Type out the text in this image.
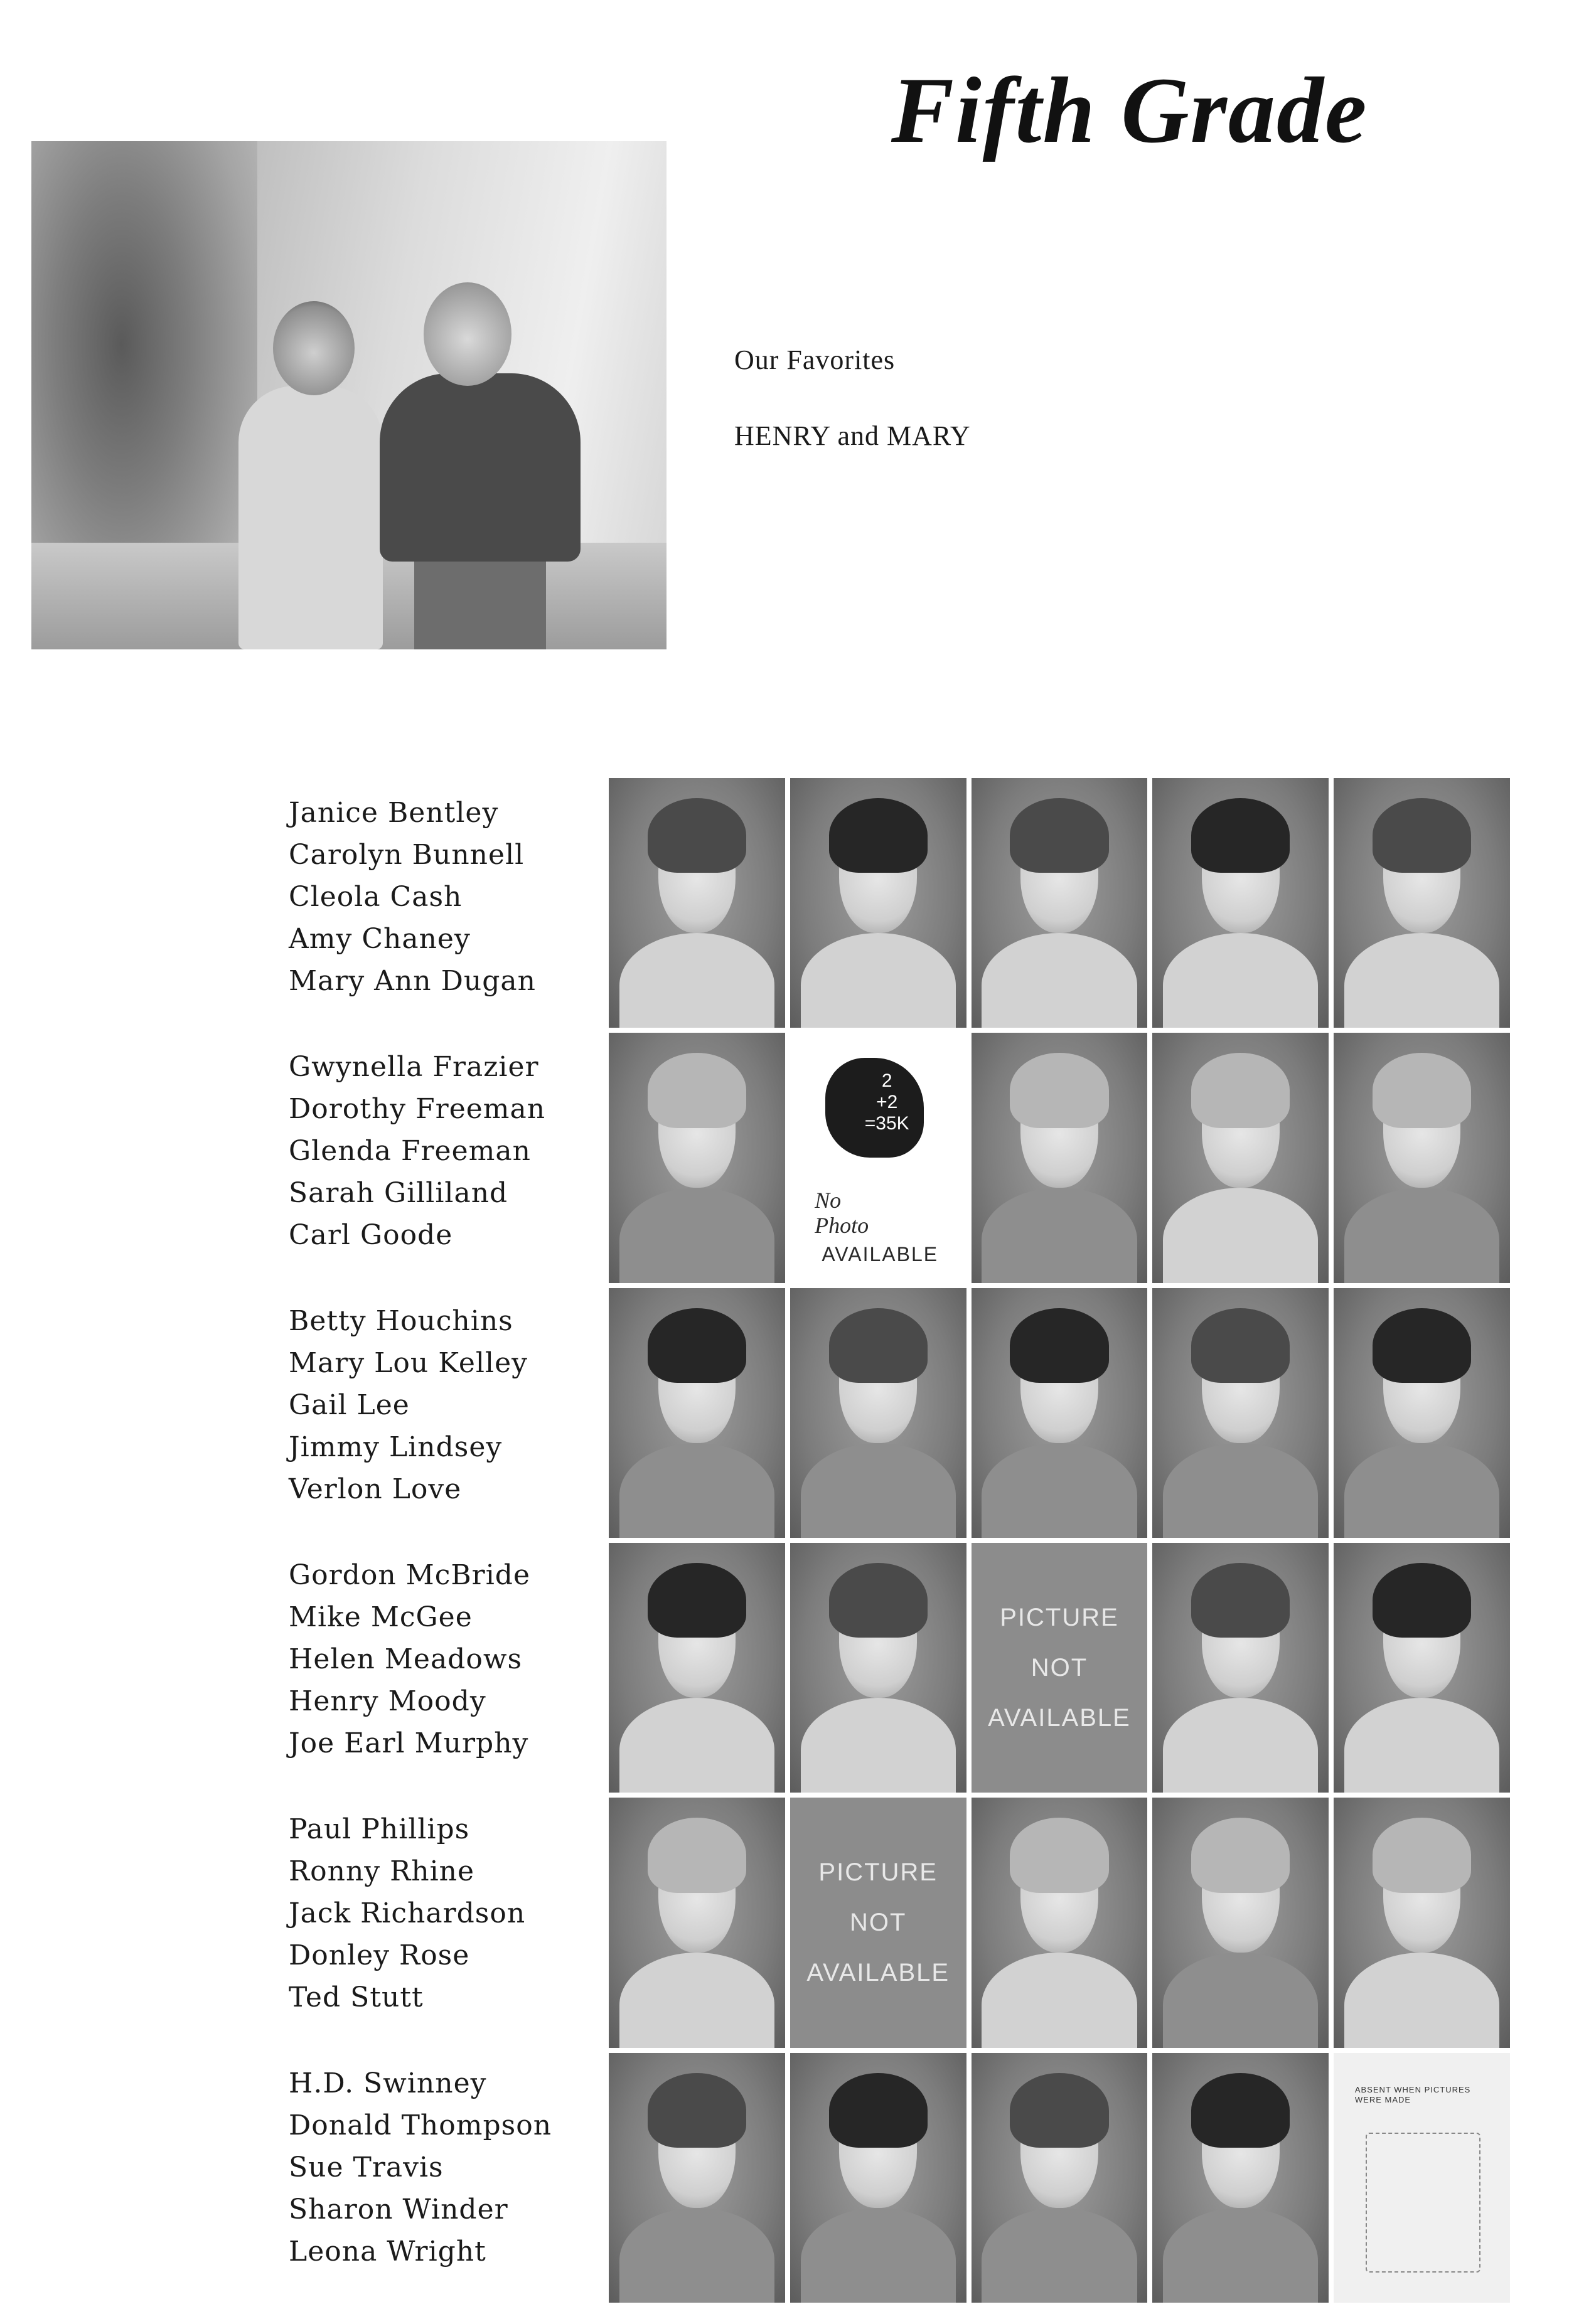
Fifth Grade
Our Favorites
HENRY and MARY
Janice Bentley
Carolyn Bunnell
Cleola Cash
Amy Chaney
Mary Ann Dugan
Gwynella Frazier
Dorothy Freeman
Glenda Freeman
Sarah Gilliland
Carl Goode
Betty Houchins
Mary Lou Kelley
Gail Lee
Jimmy Lindsey
Verlon Love
Gordon McBride
Mike McGee
Helen Meadows
Henry Moody
Joe Earl Murphy
Paul Phillips
Ronny Rhine
Jack Richardson
Donley Rose
Ted Stutt
H.D. Swinney
Donald Thompson
Sue Travis
Sharon Winder
Leona Wright
2
+2
=35K
No
Photo
AVAILABLE
PICTURE
NOT
AVAILABLE
PICTURE
NOT
AVAILABLE
ABSENT WHEN PICTURES WERE MADE
